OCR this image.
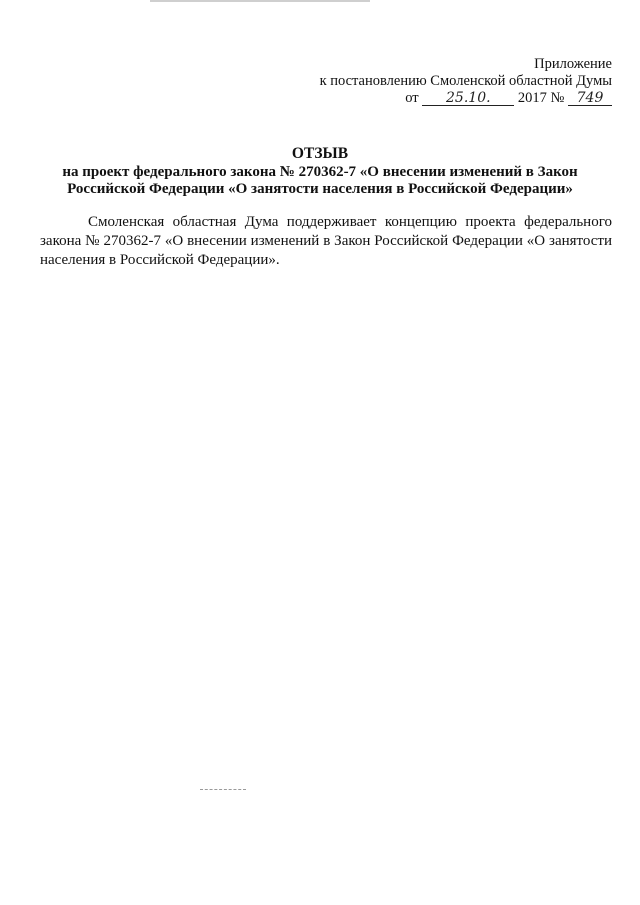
Приложение
к постановлению Смоленской областной Думы
от 25.10. 2017 № 749
ОТЗЫВ
на проект федерального закона № 270362-7 «О внесении изменений в Закон
Российской Федерации «О занятости населения в Российской Федерации»
Смоленская областная Дума поддерживает концепцию проекта федерального закона № 270362-7 «О внесении изменений в Закон Российской Федерации «О занятости населения в Российской Федерации».
